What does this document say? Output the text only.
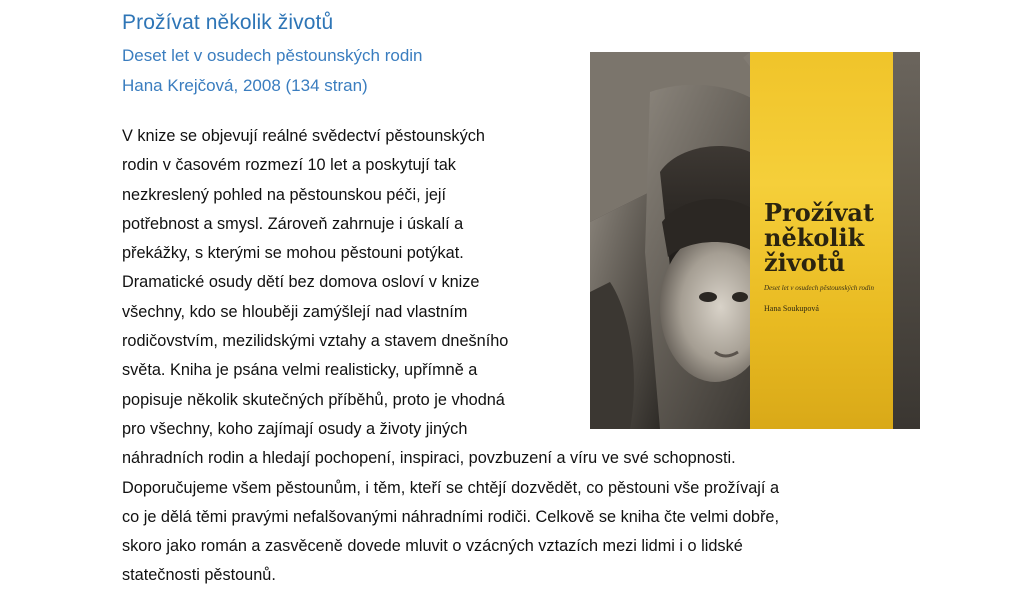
Prožívat několik životů

Deset let v osudech pěstounských rodin

Hana Krejčová, 2008 (134 stran)

Prožívat
několik
životů

Deset let v osudech pěstounských rodin

Hana Soukupová

V knize se objevují reálné svědectví pěstounských
rodin v časovém rozmezí 10 let a poskytují tak
nezkreslený pohled na pěstounskou péči, její
potřebnost a smysl. Zároveň zahrnuje i úskalí a
překážky, s kterými se mohou pěstouni potýkat.
Dramatické osudy dětí bez domova osloví v knize
všechny, kdo se hlouběji zamýšlejí nad vlastním
rodičovstvím, mezilidskými vztahy a stavem dnešního
světa. Kniha je psána velmi realisticky, upřímně a
popisuje několik skutečných příběhů, proto je vhodná
pro všechny, koho zajímají osudy a životy jiných
náhradních rodin a hledají pochopení, inspiraci, povzbuzení a víru ve své schopnosti.
Doporučujeme všem pěstounům, i těm, kteří se chtějí dozvědět, co pěstouni vše prožívají a
co je dělá těmi pravými nefalšovanými náhradními rodiči. Celkově se kniha čte velmi dobře,
skoro jako román a zasvěceně dovede mluvit o vzácných vztazích mezi lidmi i o lidské
statečnosti pěstounů.
